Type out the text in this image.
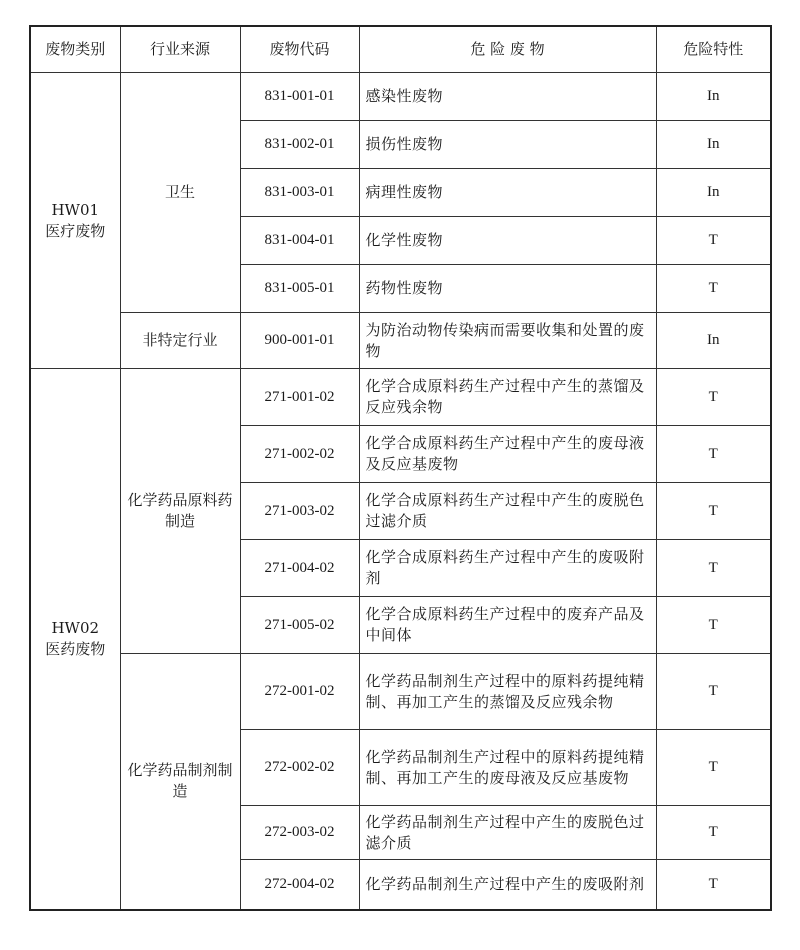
废物类别	行业来源	废物代码	危 险 废 物	危险特性

HW01
医疗废物	卫生	831-001-01	感染性废物	In
		831-002-01	损伤性废物	In
		831-003-01	病理性废物	In
		831-004-01	化学性废物	T
		831-005-01	药物性废物	T
	非特定行业	900-001-01	为防治动物传染病而需要收集和处置的废物	In

HW02
医药废物	化学药品原料药制造	271-001-02	化学合成原料药生产过程中产生的蒸馏及反应残余物	T
		271-002-02	化学合成原料药生产过程中产生的废母液及反应基废物	T
		271-003-02	化学合成原料药生产过程中产生的废脱色过滤介质	T
		271-004-02	化学合成原料药生产过程中产生的废吸附剂	T
		271-005-02	化学合成原料药生产过程中的废弃产品及中间体	T
	化学药品制剂制造	272-001-02	化学药品制剂生产过程中的原料药提纯精制、再加工产生的蒸馏及反应残余物	T
		272-002-02	化学药品制剂生产过程中的原料药提纯精制、再加工产生的废母液及反应基废物	T
		272-003-02	化学药品制剂生产过程中产生的废脱色过滤介质	T
		272-004-02	化学药品制剂生产过程中产生的废吸附剂	T
